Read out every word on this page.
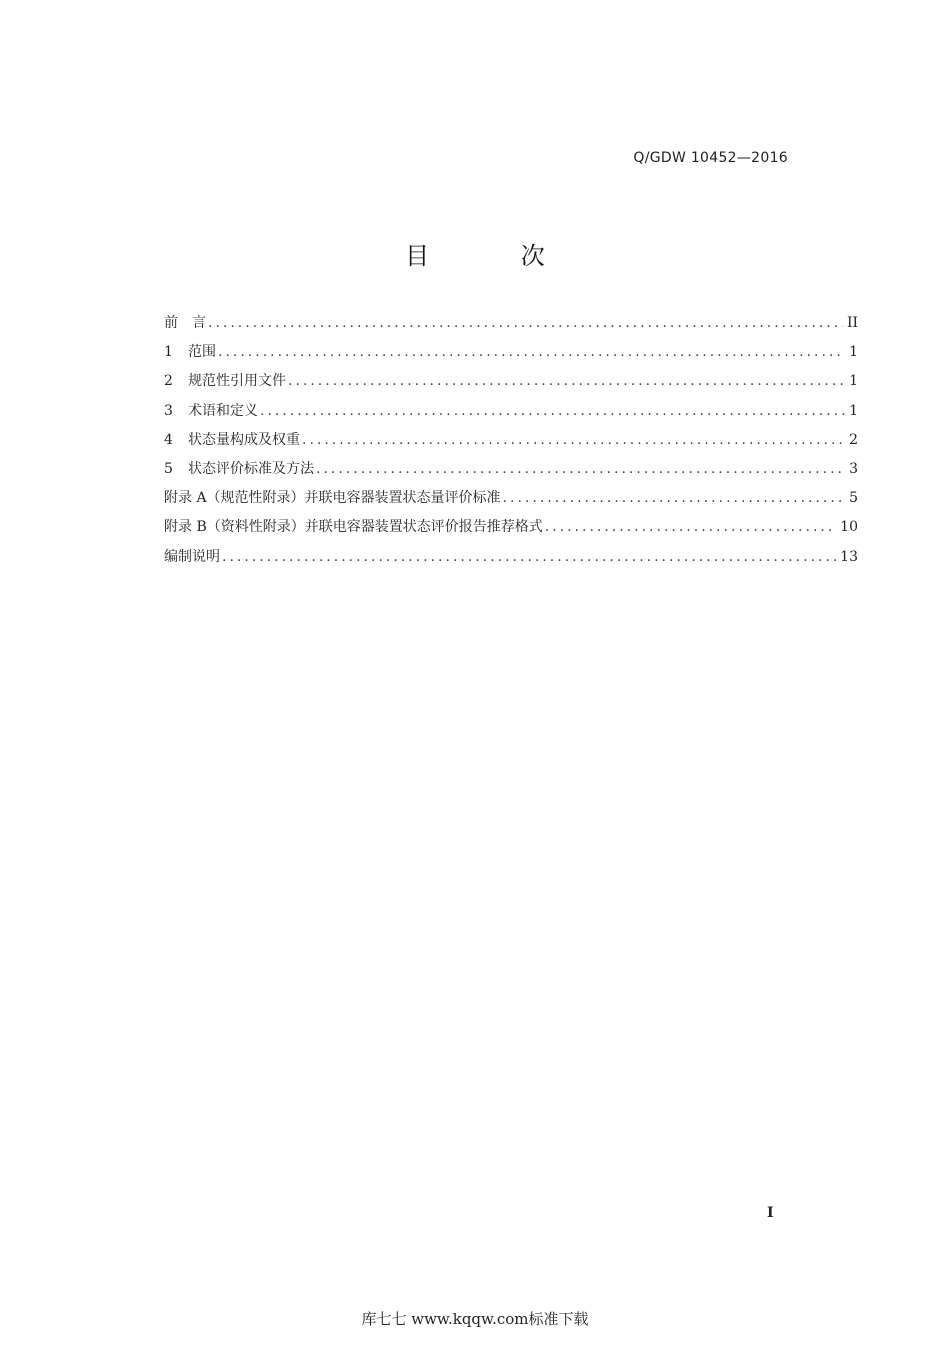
Q/GDW 10452—2016
目 次
前　言 .....	II
1	范围 .....	1
2	规范性引用文件 .....	1
3	术语和定义 .....	1
4	状态量构成及权重 .....	2
5	状态评价标准及方法 .....	3
附录 A（规范性附录）并联电容器装置状态量评价标准 .....	5
附录 B（资料性附录）并联电容器装置状态评价报告推荐格式 .....	10
编制说明 .....	13
I
库七七 www.kqqw.com标准下载
